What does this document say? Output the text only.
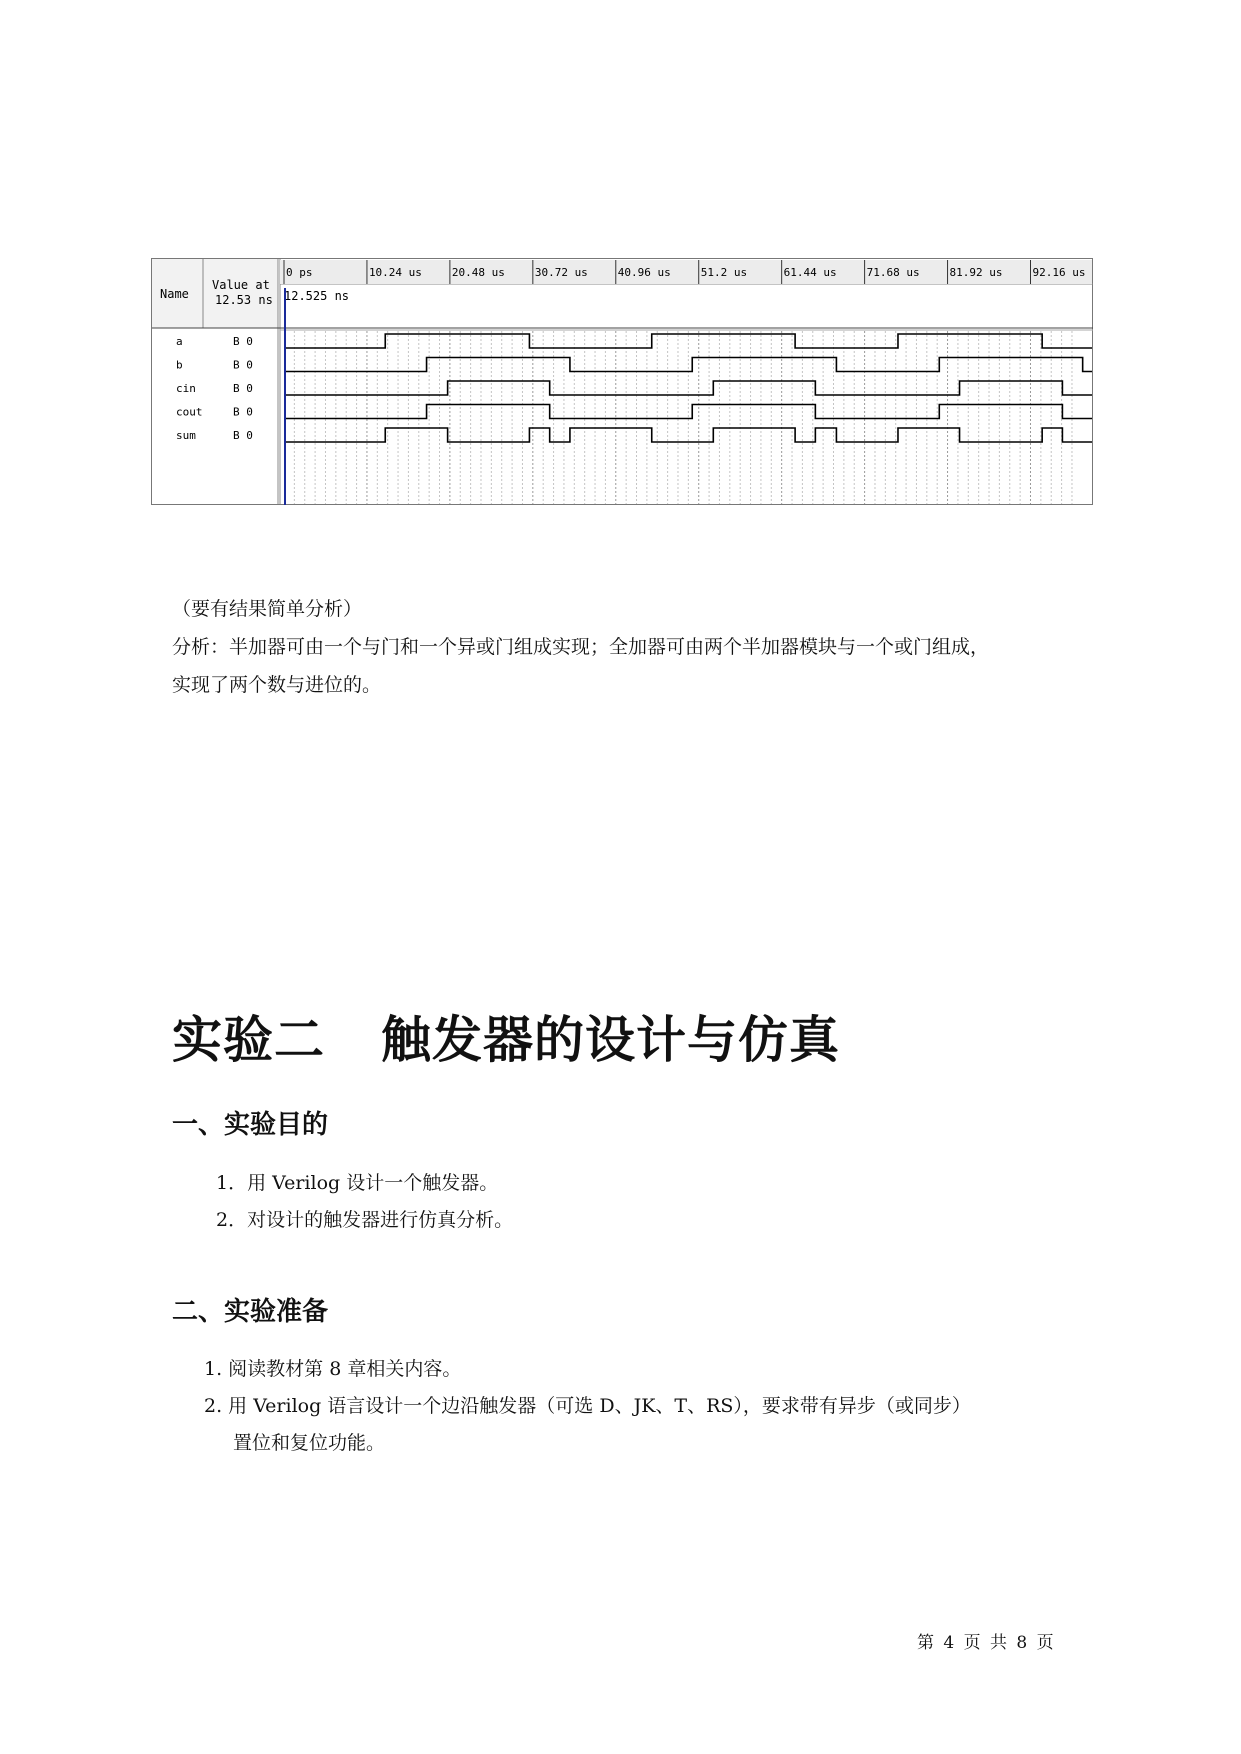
Name
Value at
12.53 ns 12.525 ns
0 ps	10.24 us	20.48 us	30.72 us	40.96 us	51.2 us	61.44 us	71.68 us	81.92 us	92.16 us
a	B 0
b	B 0
cin	B 0
cout	B 0
sum	B 0

（要有结果简单分析）

分析：半加器可由一个与门和一个异或门组成实现；全加器可由两个半加器模块与一个或门组成，

实现了两个数与进位的。

实验二 触发器的设计与仿真
一、实验目的

1．用 Verilog 设计一个触发器。

2．对设计的触发器进行仿真分析。

二、实验准备

1. 阅读教材第 8 章相关内容。

2. 用 Verilog 语言设计一个边沿触发器（可选 D、JK、T、RS），要求带有异步（或同步）

置位和复位功能。

第 4 页 共 8 页
